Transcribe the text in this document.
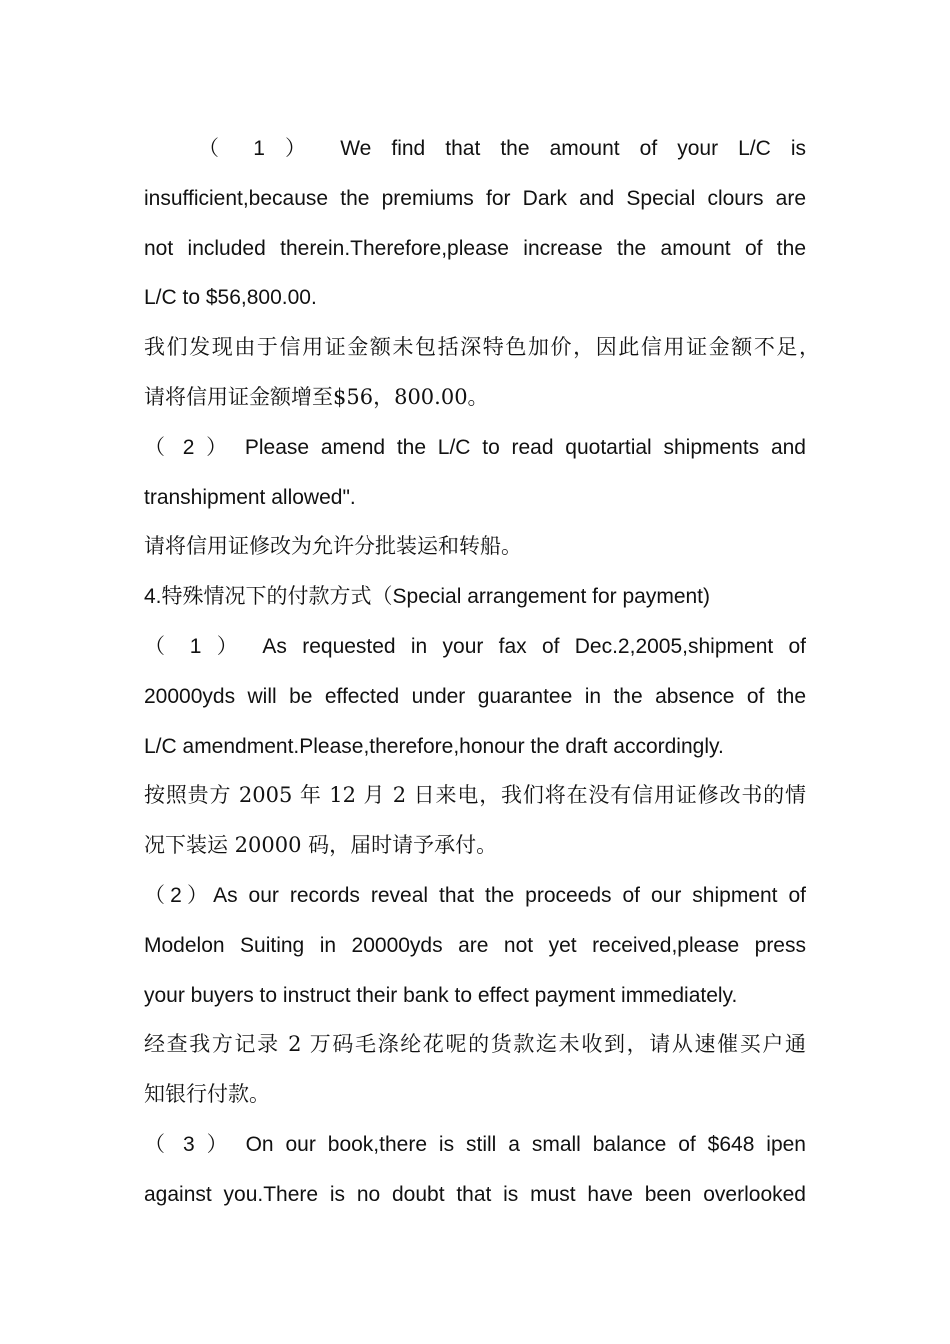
（ 1 ） We find that the amount of your L/C is
insufficient,because the premiums for Dark and Special clours are
not included therein.Therefore,please increase the amount of the
L/C to $56,800.00.
我们发现由于信用证金额未包括深特色加价，因此信用证金额不足，
请将信用证金额增至$56，800.00。
（ 2 ） Please amend the L/C to read quotartial shipments and
transhipment allowed".
请将信用证修改为允许分批装运和转船。
4.特殊情况下的付款方式（Special arrangement for payment)
（ 1 ） As requested in your fax of Dec.2,2005,shipment of
20000yds will be effected under guarantee in the absence of the
L/C amendment.Please,therefore,honour the draft accordingly.
按照贵方 2005 年 12 月 2 日来电，我们将在没有信用证修改书的情
况下装运 20000 码，届时请予承付。
（2）As our records reveal that the proceeds of our shipment of
Modelon Suiting in 20000yds are not yet received,please press
your buyers to instruct their bank to effect payment immediately.
经查我方记录 2 万码毛涤纶花呢的货款迄未收到，请从速催买户通
知银行付款。
（ 3 ） On our book,there is still a small balance of $648 ipen
against you.There is no doubt that is must have been overlooked
